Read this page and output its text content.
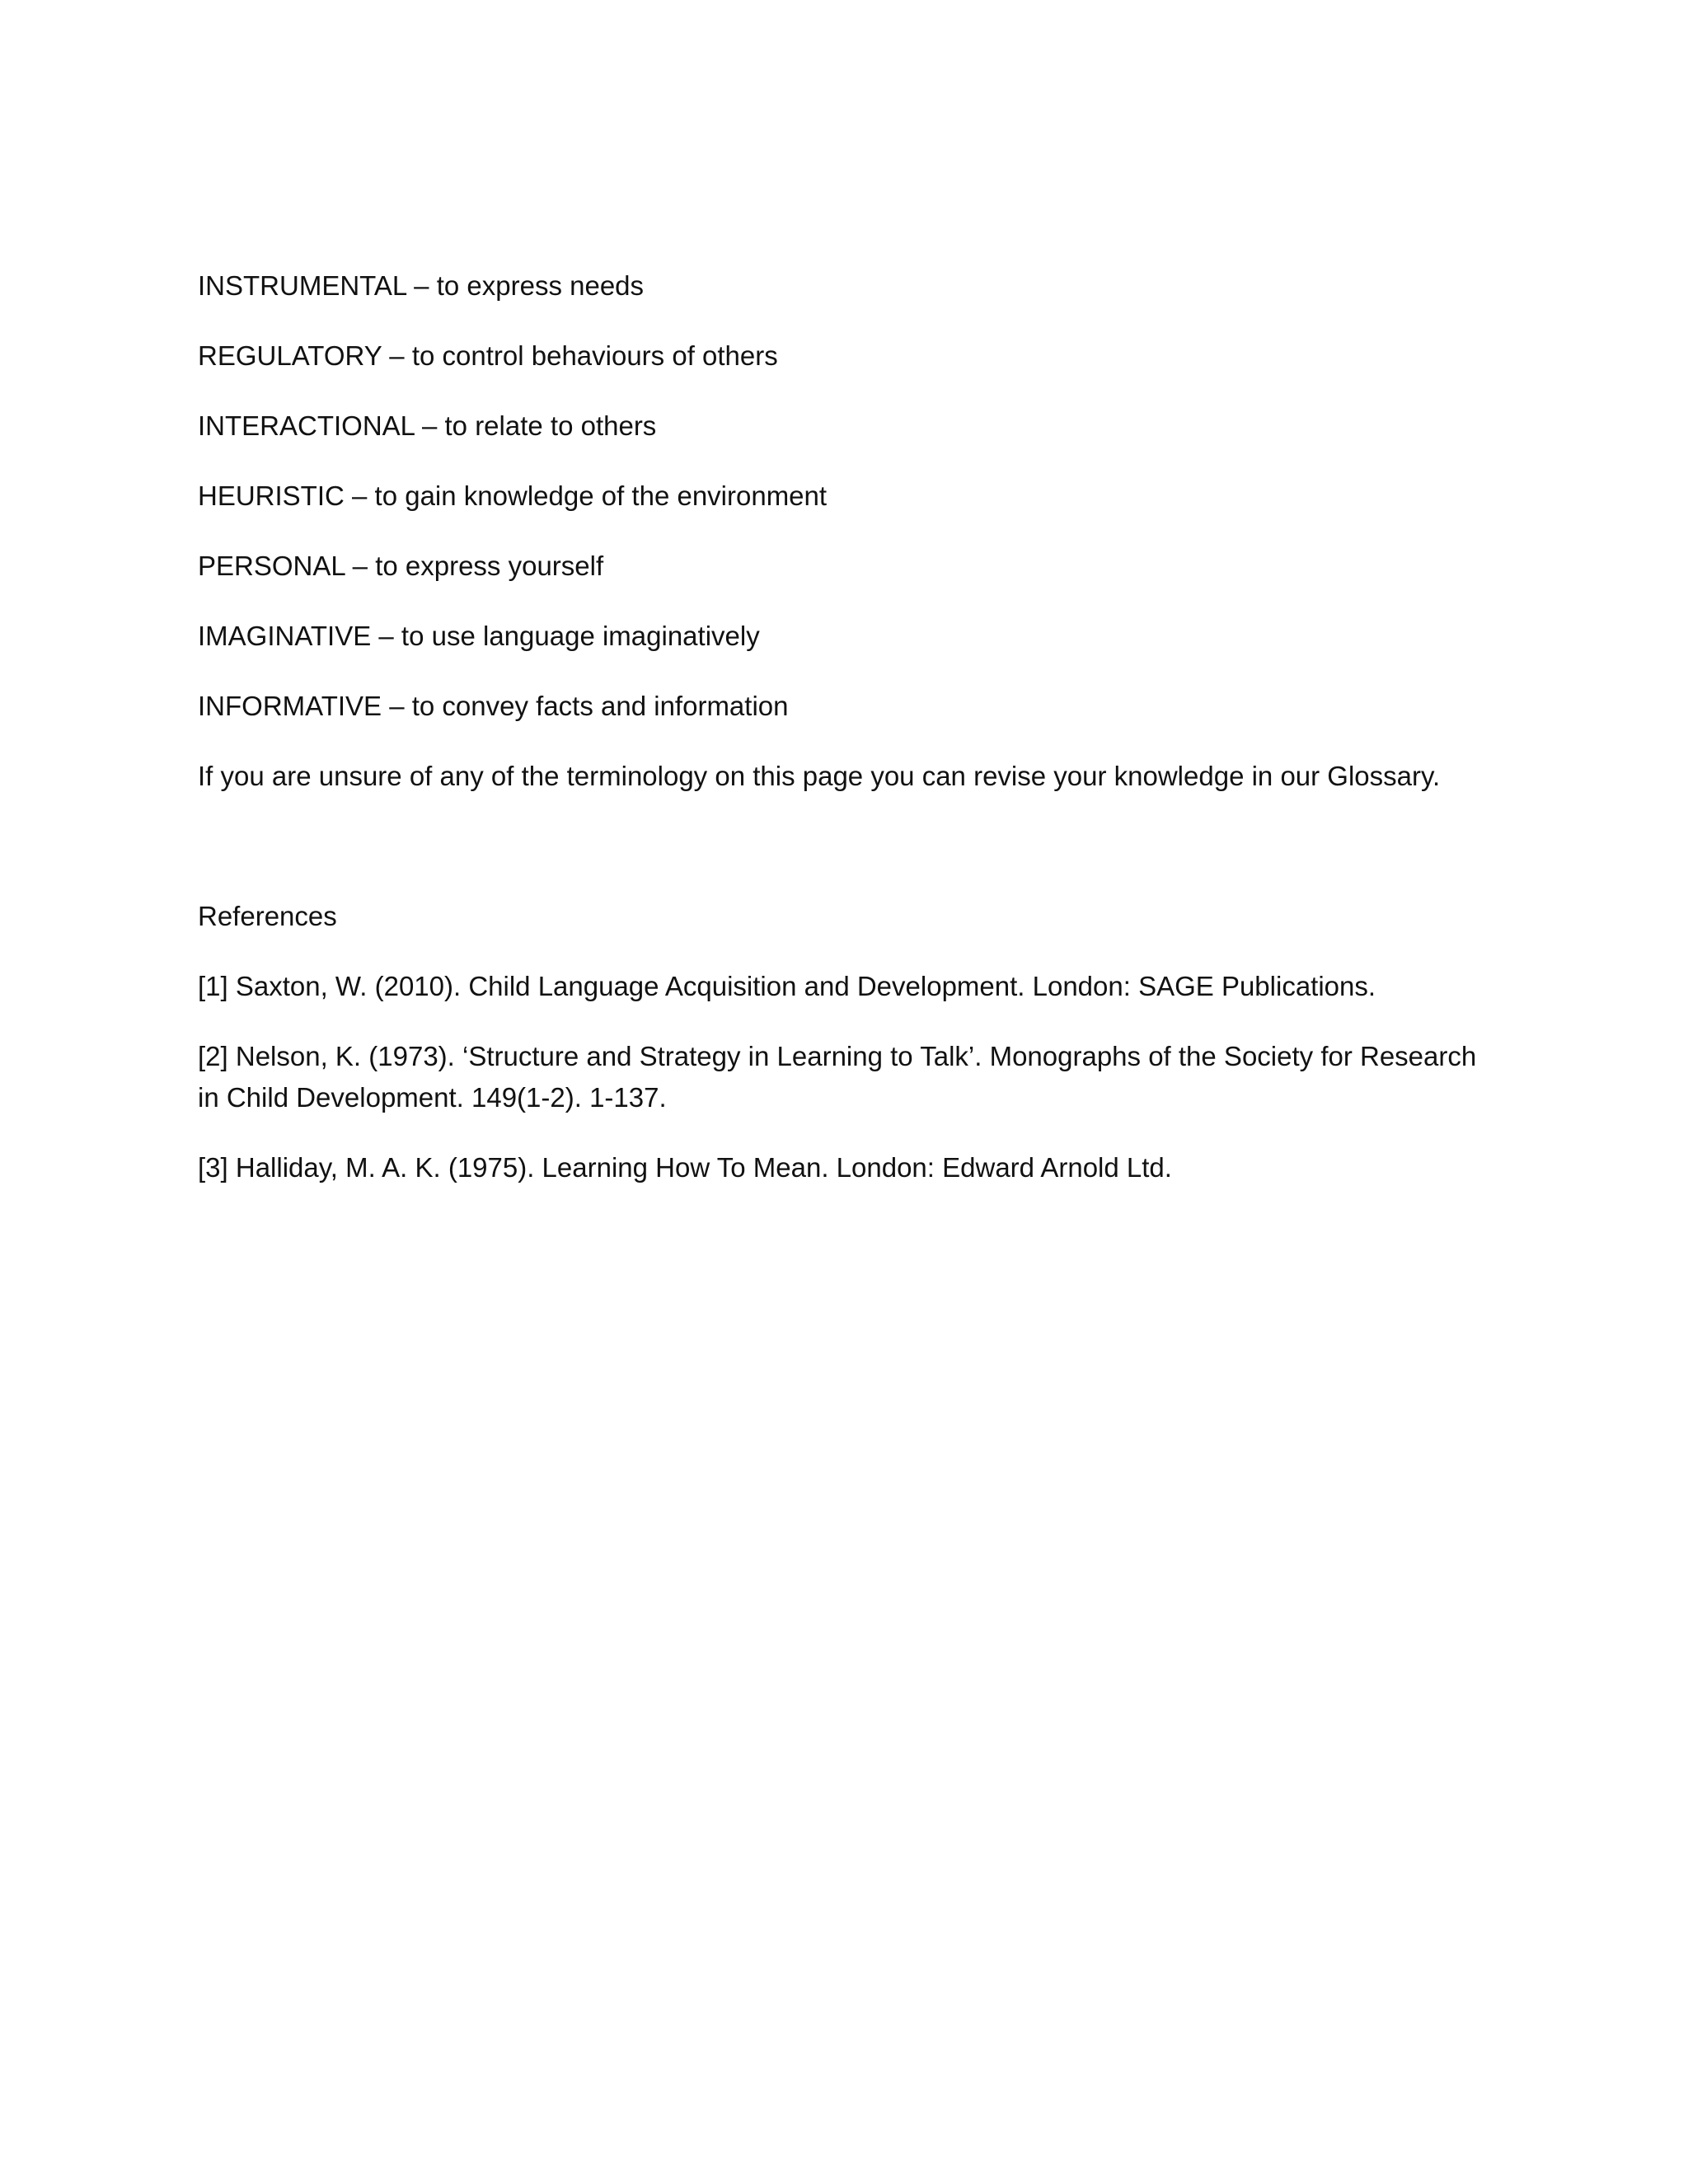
INSTRUMENTAL – to express needs

REGULATORY – to control behaviours of others

INTERACTIONAL – to relate to others

HEURISTIC – to gain knowledge of the environment

PERSONAL – to express yourself

IMAGINATIVE – to use language imaginatively

INFORMATIVE – to convey facts and information

If you are unsure of any of the terminology on this page you can revise your knowledge in our Glossary.

References

[1] Saxton, W. (2010). Child Language Acquisition and Development. London: SAGE Publications.

[2] Nelson, K. (1973). ‘Structure and Strategy in Learning to Talk’. Monographs of the Society for Research in Child Development. 149(1-2). 1-137.

[3] Halliday, M. A. K. (1975). Learning How To Mean. London: Edward Arnold Ltd.
